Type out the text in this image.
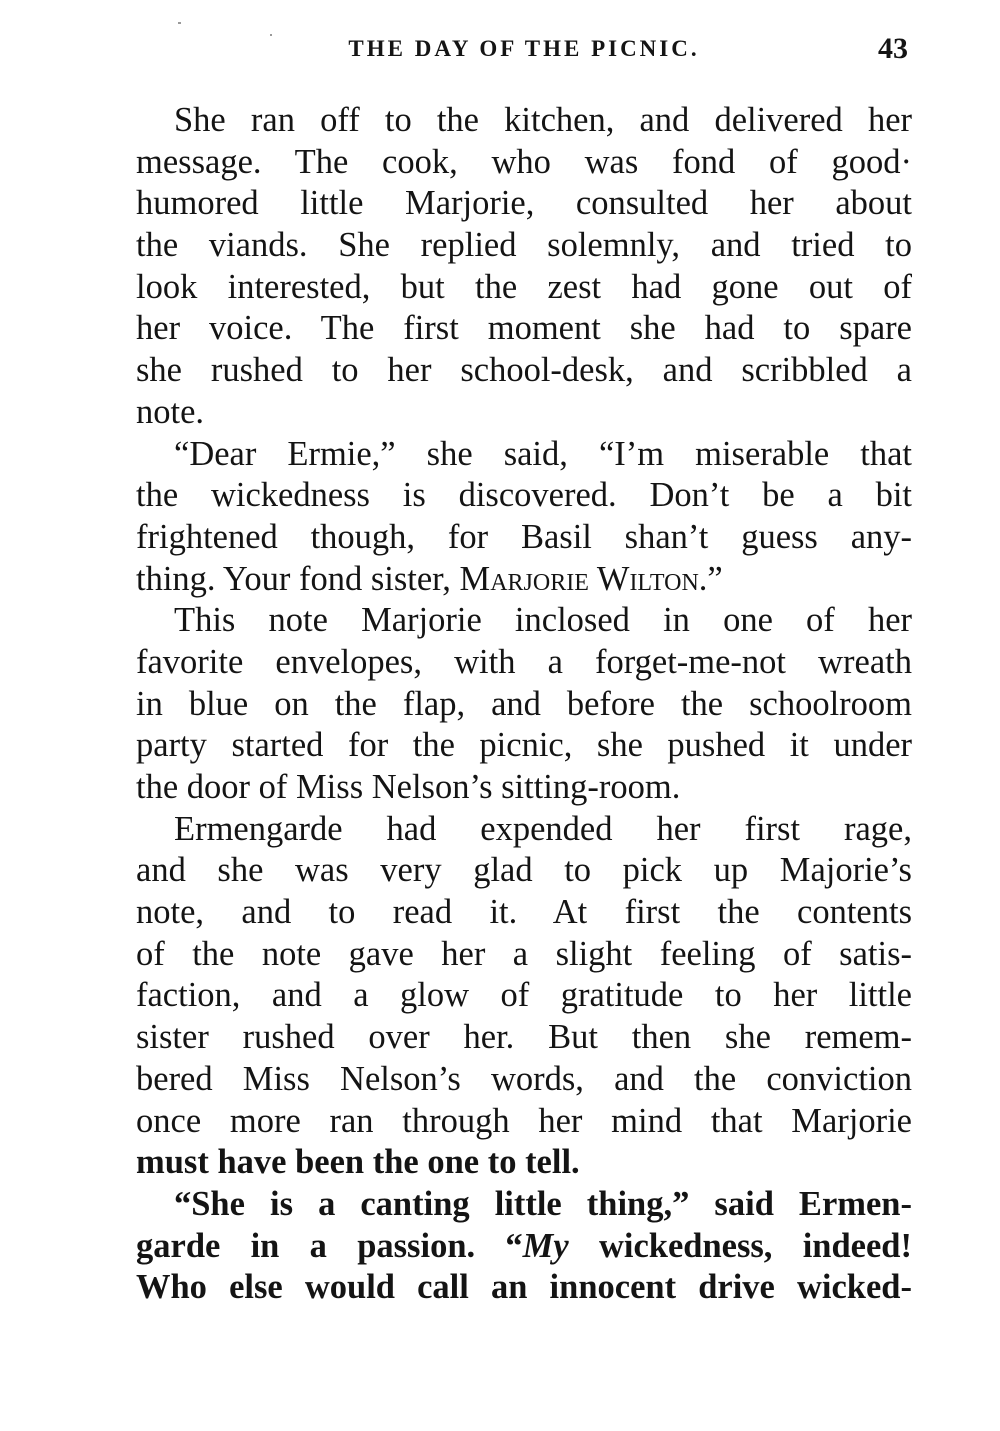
THE DAY OF THE PICNIC.	43
She ran off to the kitchen, and delivered her
message. The cook, who was fond of good·
humored little Marjorie, consulted her about
the viands. She replied solemnly, and tried to
look interested, but the zest had gone out of
her voice. The first moment she had to spare
she rushed to her school-desk, and scribbled a
note.
“Dear Ermie,” she said, “I’m miserable that
the wickedness is discovered. Don’t be a bit
frightened though, for Basil shan’t guess any-
thing. Your fond sister, Marjorie Wilton.”
This note Marjorie inclosed in one of her
favorite envelopes, with a forget-me-not wreath
in blue on the flap, and before the schoolroom
party started for the picnic, she pushed it under
the door of Miss Nelson’s sitting-room.
Ermengarde had expended her first rage,
and she was very glad to pick up Majorie’s
note, and to read it. At first the contents
of the note gave her a slight feeling of satis-
faction, and a glow of gratitude to her little
sister rushed over her. But then she remem-
bered Miss Nelson’s words, and the conviction
once more ran through her mind that Marjorie
must have been the one to tell.
“She is a canting little thing,” said Ermen-
garde in a passion. “My wickedness, indeed!
Who else would call an innocent drive wicked-
